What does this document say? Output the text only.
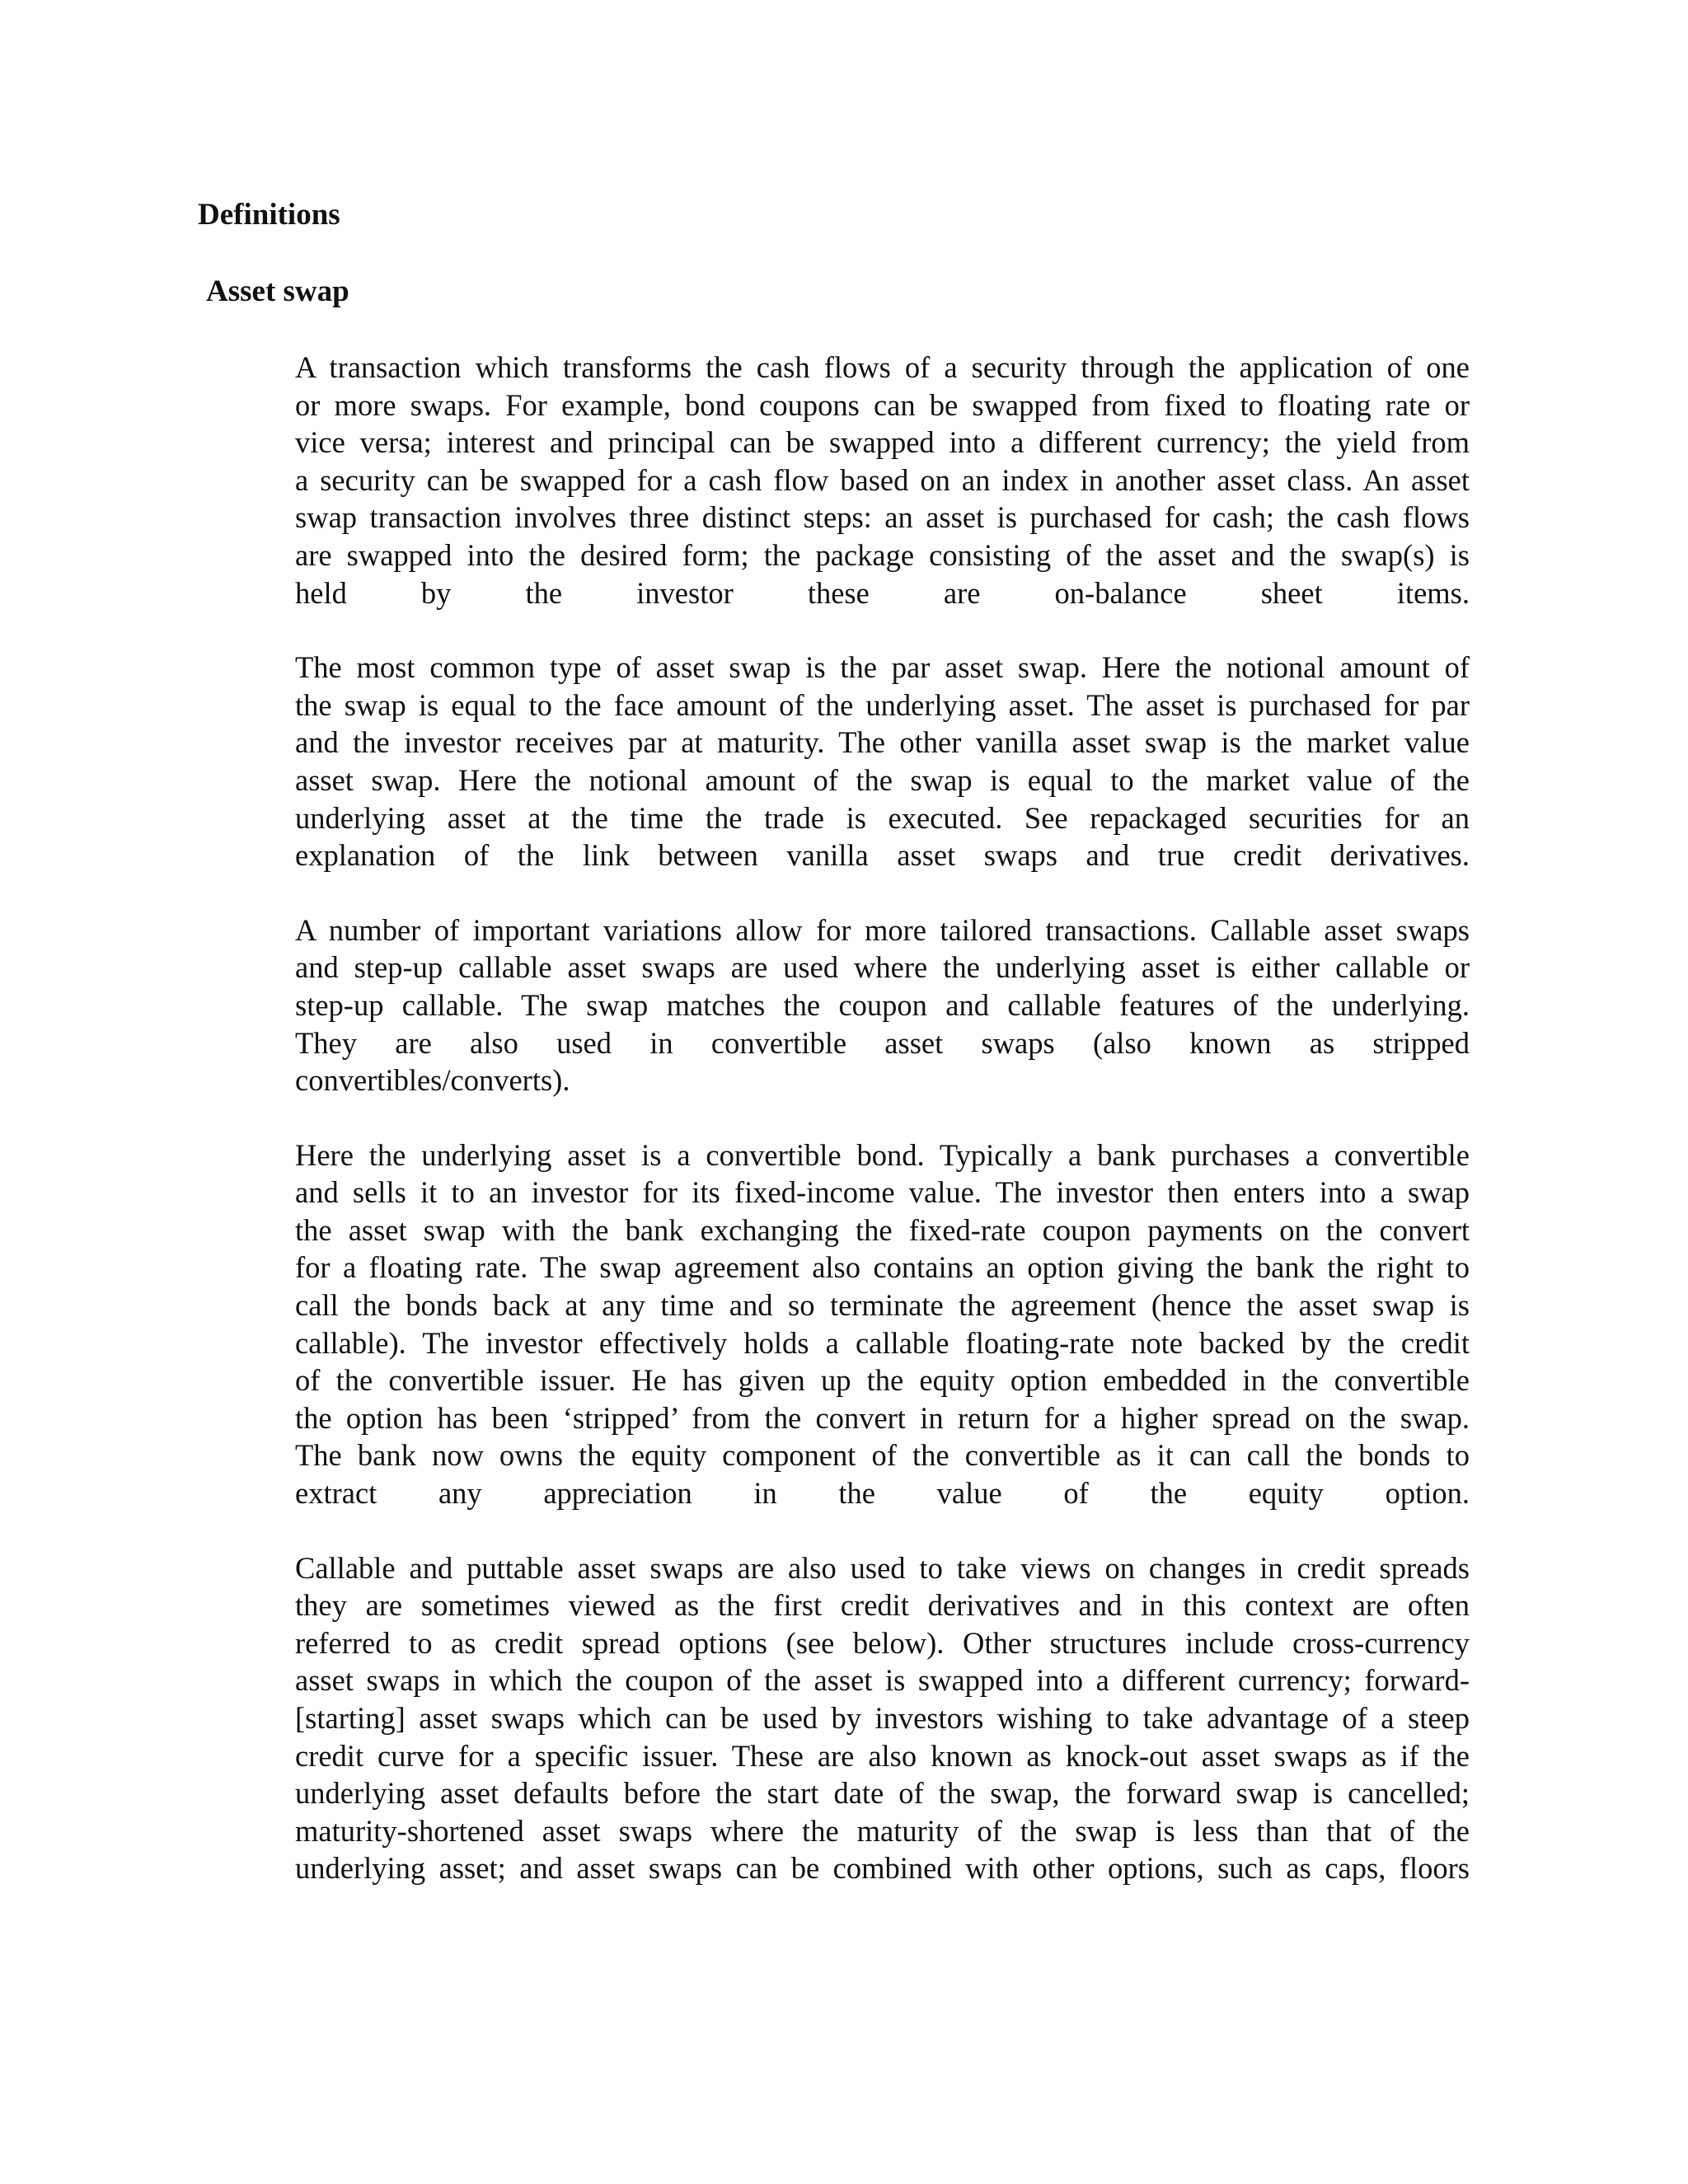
Definitions
Asset swap

A transaction which transforms the cash flows of a security through the application of one
or more swaps. For example, bond coupons can be swapped from fixed to floating rate or
vice versa; interest and principal can be swapped into a different currency; the yield from
a security can be swapped for a cash flow based on an index in another asset class. An asset
swap transaction involves three distinct steps: an asset is purchased for cash; the cash flows
are swapped into the desired form; the package consisting of the asset and the swap(s) is
held by the investor these are on-balance sheet items.

The most common type of asset swap is the par asset swap. Here the notional amount of
the swap is equal to the face amount of the underlying asset. The asset is purchased for par
and the investor receives par at maturity. The other vanilla asset swap is the market value
asset swap. Here the notional amount of the swap is equal to the market value of the
underlying asset at the time the trade is executed. See repackaged securities for an
explanation of the link between vanilla asset swaps and true credit derivatives.

A number of important variations allow for more tailored transactions. Callable asset swaps
and step-up callable asset swaps are used where the underlying asset is either callable or
step-up callable. The swap matches the coupon and callable features of the underlying.
They are also used in convertible asset swaps (also known as stripped
convertibles/converts).

Here the underlying asset is a convertible bond. Typically a bank purchases a convertible
and sells it to an investor for its fixed-income value. The investor then enters into a swap
the asset swap with the bank exchanging the fixed-rate coupon payments on the convert
for a floating rate. The swap agreement also contains an option giving the bank the right to
call the bonds back at any time and so terminate the agreement (hence the asset swap is
callable). The investor effectively holds a callable floating-rate note backed by the credit
of the convertible issuer. He has given up the equity option embedded in the convertible
the option has been ‘stripped’ from the convert in return for a higher spread on the swap.
The bank now owns the equity component of the convertible as it can call the bonds to
extract any appreciation in the value of the equity option.

Callable and puttable asset swaps are also used to take views on changes in credit spreads
they are sometimes viewed as the first credit derivatives and in this context are often
referred to as credit spread options (see below). Other structures include cross-currency
asset swaps in which the coupon of the asset is swapped into a different currency; forward-
[starting] asset swaps which can be used by investors wishing to take advantage of a steep
credit curve for a specific issuer. These are also known as knock-out asset swaps as if the
underlying asset defaults before the start date of the swap, the forward swap is cancelled;
maturity-shortened asset swaps where the maturity of the swap is less than that of the
underlying asset; and asset swaps can be combined with other options, such as caps, floors
